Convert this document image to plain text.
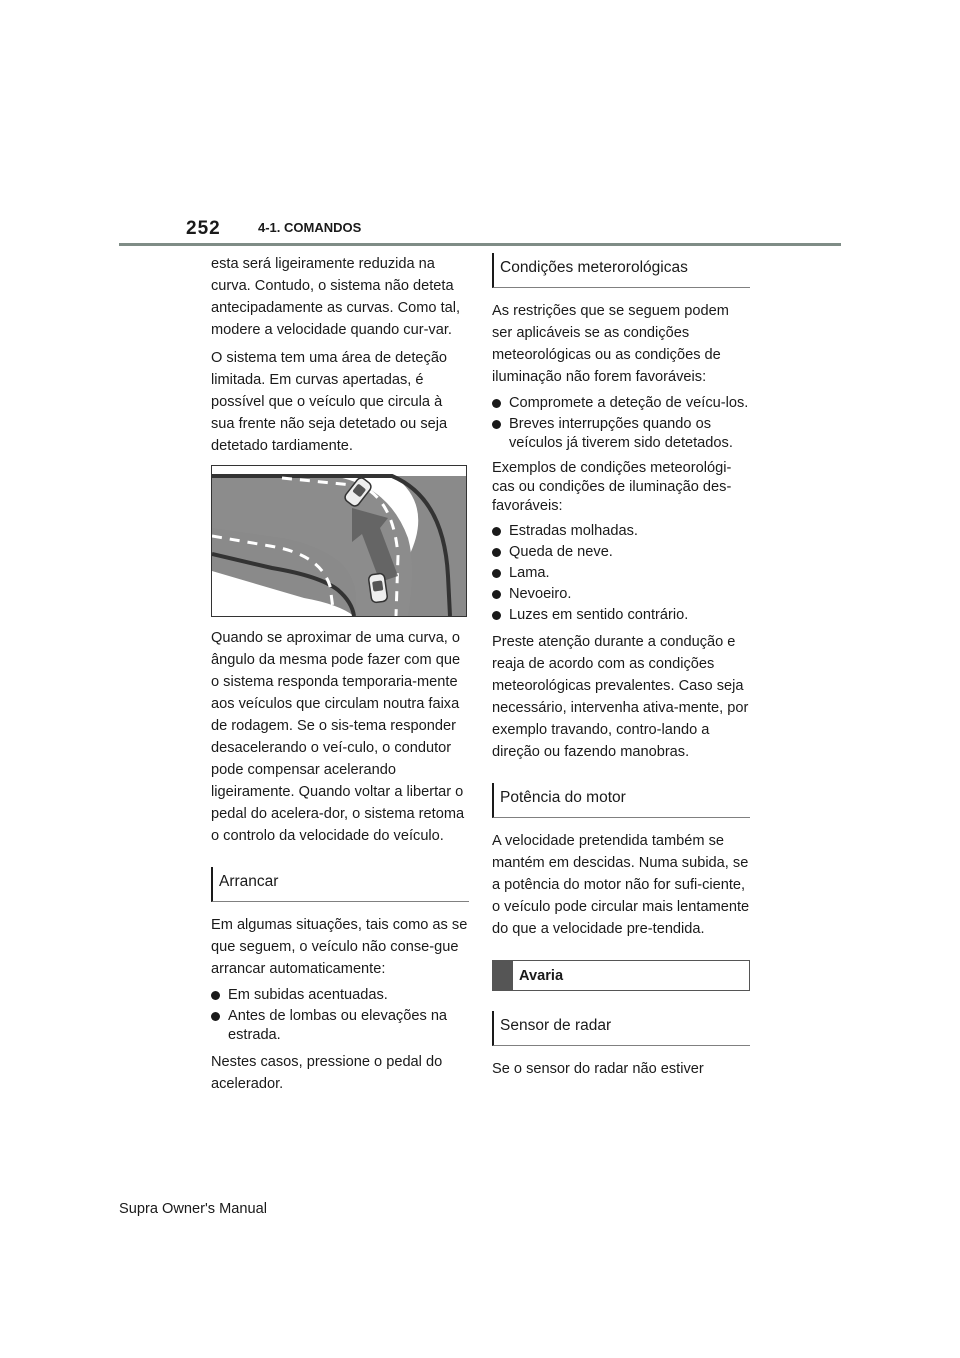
252	4-1. COMANDOS

esta será ligeiramente reduzida na curva. Contudo, o sistema não deteta antecipadamente as curvas. Como tal, modere a velocidade quando cur-var.

O sistema tem uma área de deteção limitada. Em curvas apertadas, é possível que o veículo que circula à sua frente não seja detetado ou seja detetado tardiamente.

Quando se aproximar de uma curva, o ângulo da mesma pode fazer com que o sistema responda temporaria-mente aos veículos que circulam noutra faixa de rodagem. Se o sis-tema responder desacelerando o veí-culo, o condutor pode compensar acelerando ligeiramente. Quando voltar a libertar o pedal do acelera-dor, o sistema retoma o controlo da velocidade do veículo.

Arrancar

Em algumas situações, tais como as se que seguem, o veículo não conse-gue arrancar automaticamente:

Em subidas acentuadas.
Antes de lombas ou elevações na estrada.

Nestes casos, pressione o pedal do acelerador.

Condições meterorológicas

As restrições que se seguem podem ser aplicáveis se as condições meteorológicas ou as condições de iluminação não forem favoráveis:

Compromete a deteção de veícu-los.
Breves interrupções quando os veículos já tiverem sido detetados.

Exemplos de condições meteorológi-cas ou condições de iluminação des-favoráveis:

Estradas molhadas.
Queda de neve.
Lama.
Nevoeiro.
Luzes em sentido contrário.

Preste atenção durante a condução e reaja de acordo com as condições meteorológicas prevalentes. Caso seja necessário, intervenha ativa-mente, por exemplo travando, contro-lando a direção ou fazendo manobras.

Potência do motor

A velocidade pretendida também se mantém em descidas. Numa subida, se a potência do motor não for sufi-ciente, o veículo pode circular mais lentamente do que a velocidade pre-tendida.

Avaria
Sensor de radar

Se o sensor do radar não estiver

Supra Owner's Manual
